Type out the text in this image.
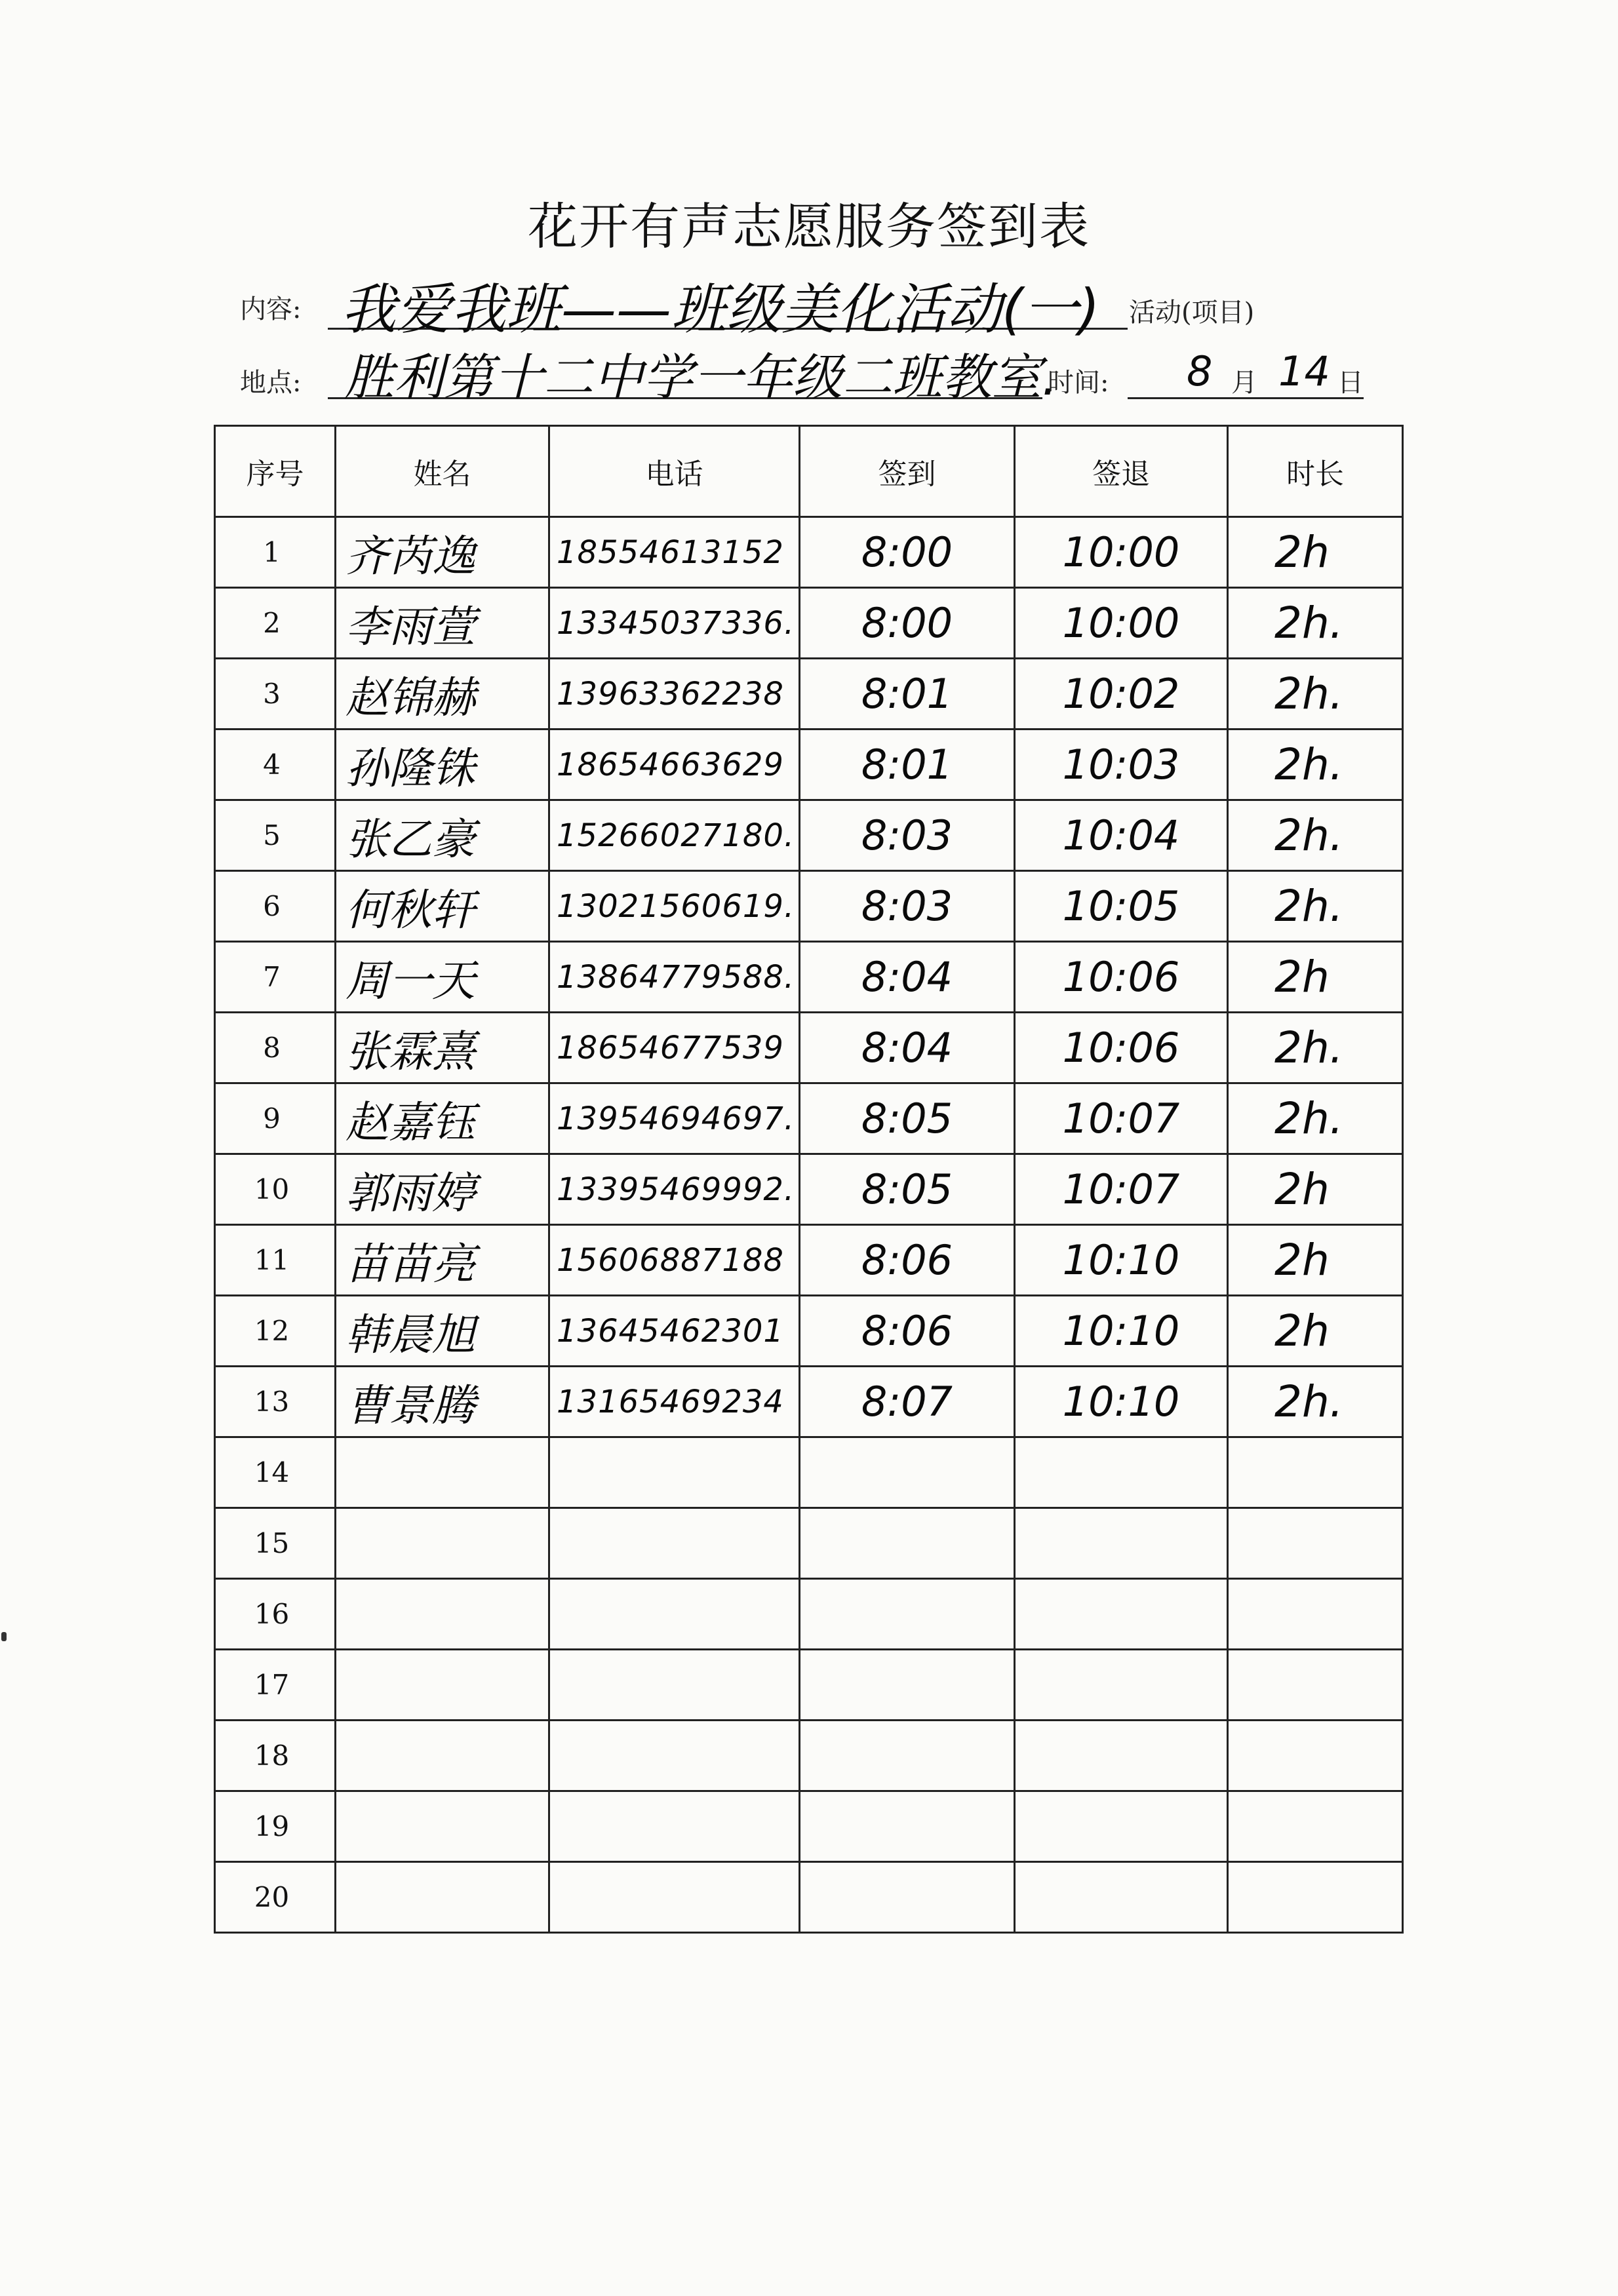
花开有声志愿服务签到表
内容: 我爱我班——班级美化活动(一) 活动(项目)
地点: 胜利第十二中学一年级二班教室.
时间: 8 月 14 日
序号	姓名	电话	签到	签退	时长
1	齐芮逸	18554613152	8:00	10:00	2h
2	李雨萱	13345037336.	8:00	10:00	2h.
3	赵锦赫	13963362238	8:01	10:02	2h.
4	孙隆铢	18654663629	8:01	10:03	2h.
5	张乙豪	15266027180.	8:03	10:04	2h.
6	何秋轩	13021560619.	8:03	10:05	2h.
7	周一天	13864779588.	8:04	10:06	2h
8	张霖熹	18654677539	8:04	10:06	2h.
9	赵嘉钰	13954694697.	8:05	10:07	2h.
10	郭雨婷	13395469992.	8:05	10:07	2h
11	苗苗亮	15606887188	8:06	10:10	2h
12	韩晨旭	13645462301	8:06	10:10	2h
13	曹景腾	13165469234	8:07	10:10	2h.
14					
15					
16					
17					
18					
19					
20					
